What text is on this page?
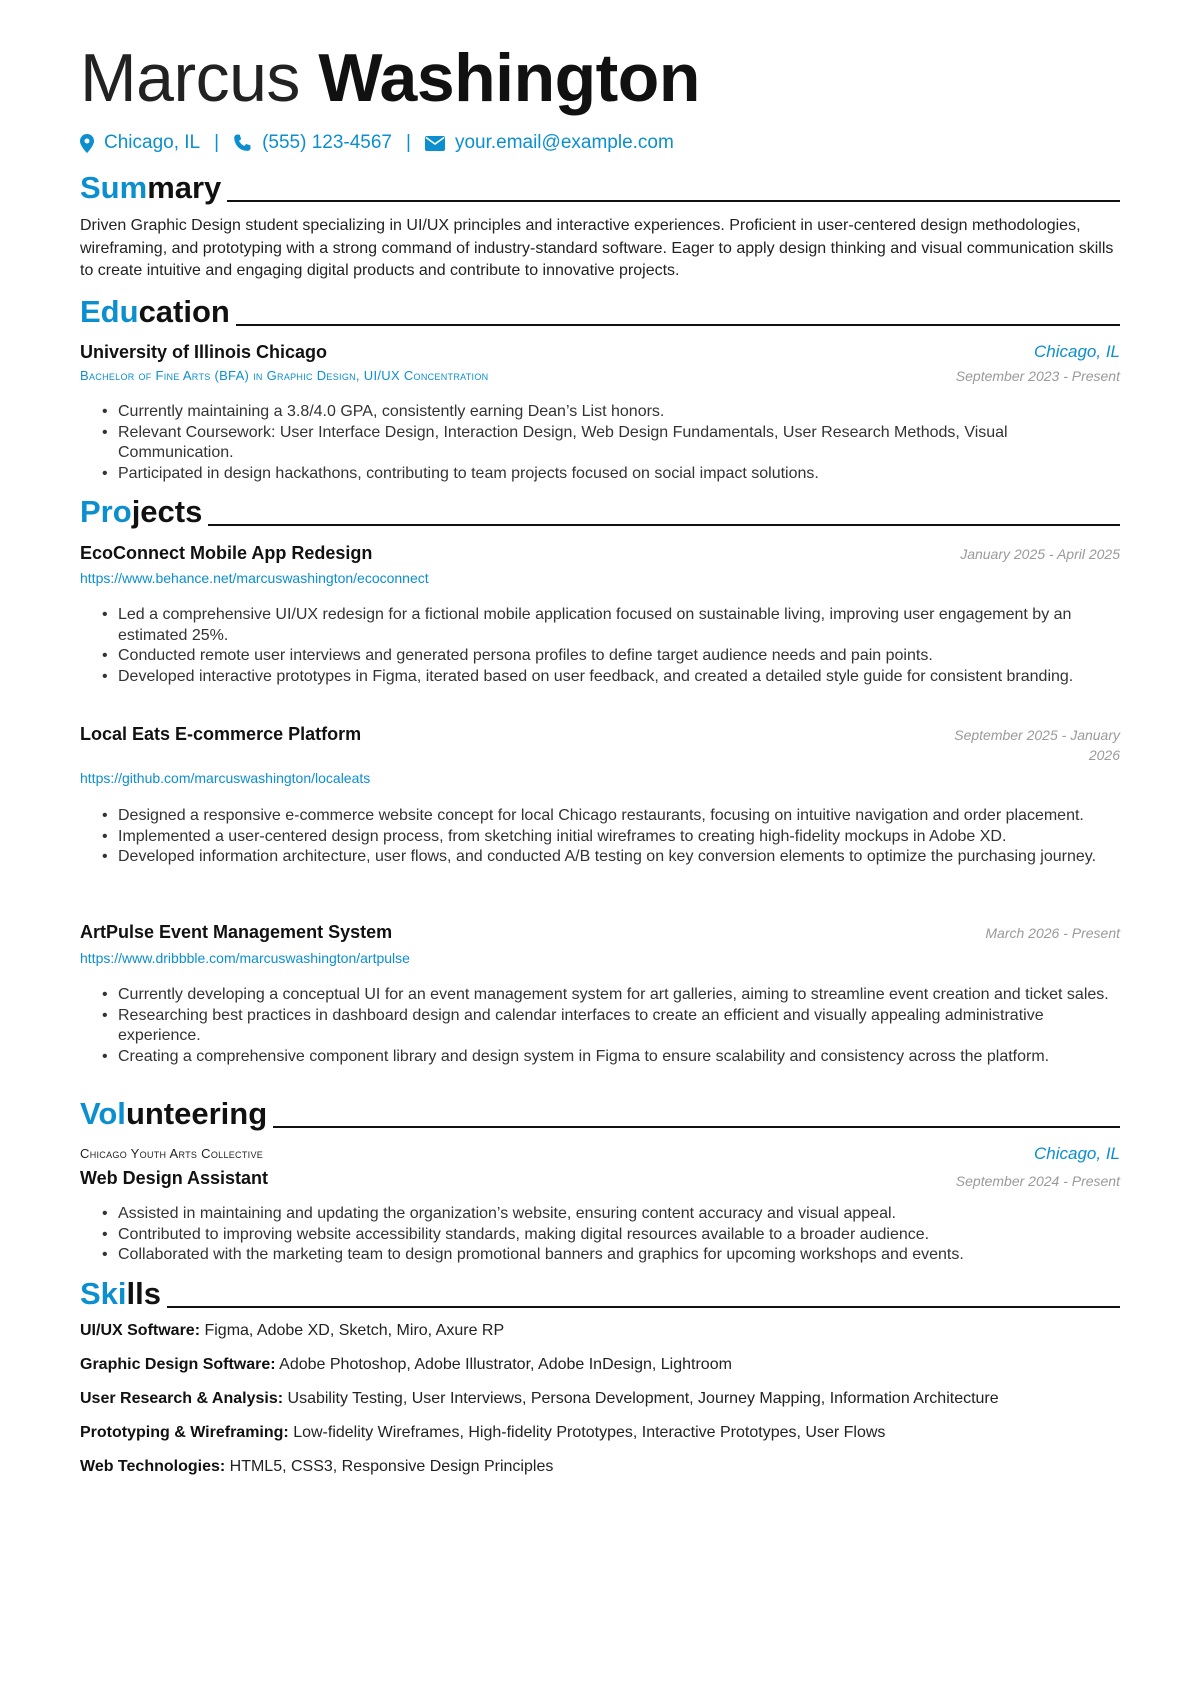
Marcus Washington
Chicago, IL | (555) 123-4567 | your.email@example.com
Summary
Driven Graphic Design student specializing in UI/UX principles and interactive experiences. Proficient in user-centered design methodologies, wireframing, and prototyping with a strong command of industry-standard software. Eager to apply design thinking and visual communication skills to create intuitive and engaging digital products and contribute to innovative projects.
Education
University of Illinois Chicago	Chicago, IL
Bachelor of Fine Arts (BFA) in Graphic Design, UI/UX Concentration	September 2023 - Present
• Currently maintaining a 3.8/4.0 GPA, consistently earning Dean’s List honors.
• Relevant Coursework: User Interface Design, Interaction Design, Web Design Fundamentals, User Research Methods, Visual Communication.
• Participated in design hackathons, contributing to team projects focused on social impact solutions.
Projects
EcoConnect Mobile App Redesign	January 2025 - April 2025
https://www.behance.net/marcuswashington/ecoconnect
• Led a comprehensive UI/UX redesign for a fictional mobile application focused on sustainable living, improving user engagement by an estimated 25%.
• Conducted remote user interviews and generated persona profiles to define target audience needs and pain points.
• Developed interactive prototypes in Figma, iterated based on user feedback, and created a detailed style guide for consistent branding.
Local Eats E-commerce Platform	September 2025 - January
2026
https://github.com/marcuswashington/localeats
• Designed a responsive e-commerce website concept for local Chicago restaurants, focusing on intuitive navigation and order placement.
• Implemented a user-centered design process, from sketching initial wireframes to creating high-fidelity mockups in Adobe XD.
• Developed information architecture, user flows, and conducted A/B testing on key conversion elements to optimize the purchasing journey.
ArtPulse Event Management System	March 2026 - Present
https://www.dribbble.com/marcuswashington/artpulse
• Currently developing a conceptual UI for an event management system for art galleries, aiming to streamline event creation and ticket sales.
• Researching best practices in dashboard design and calendar interfaces to create an efficient and visually appealing administrative experience.
• Creating a comprehensive component library and design system in Figma to ensure scalability and consistency across the platform.
Volunteering
Chicago Youth Arts Collective	Chicago, IL
Web Design Assistant	September 2024 - Present
• Assisted in maintaining and updating the organization’s website, ensuring content accuracy and visual appeal.
• Contributed to improving website accessibility standards, making digital resources available to a broader audience.
• Collaborated with the marketing team to design promotional banners and graphics for upcoming workshops and events.
Skills
UI/UX Software: Figma, Adobe XD, Sketch, Miro, Axure RP
Graphic Design Software: Adobe Photoshop, Adobe Illustrator, Adobe InDesign, Lightroom
User Research & Analysis: Usability Testing, User Interviews, Persona Development, Journey Mapping, Information Architecture
Prototyping & Wireframing: Low-fidelity Wireframes, High-fidelity Prototypes, Interactive Prototypes, User Flows
Web Technologies: HTML5, CSS3, Responsive Design Principles
